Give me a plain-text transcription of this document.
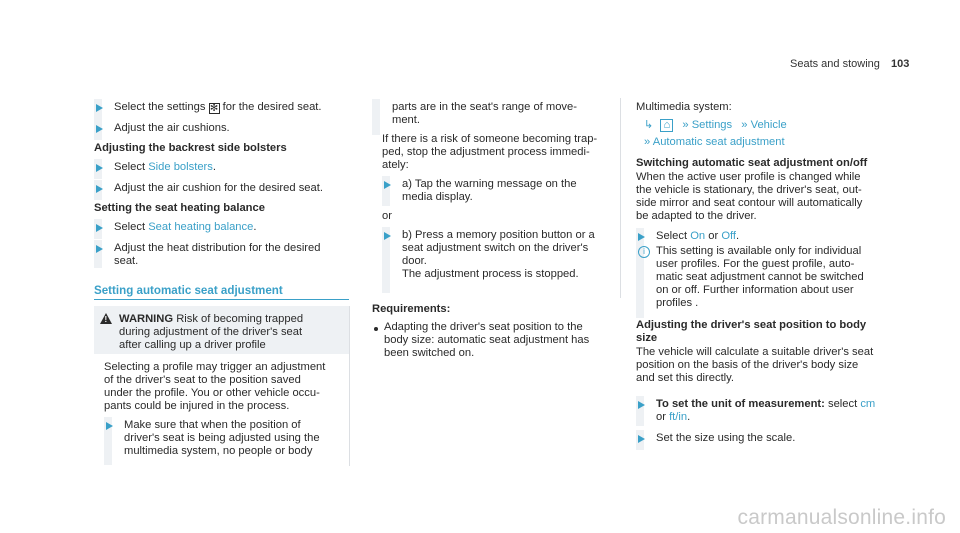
Seats and stowing 103

Select the settings ✻ for the desired seat.

Adjust the air cushions.

Adjusting the backrest side bolsters

Select Side bolsters.

Adjust the air cushion for the desired seat.

Setting the seat heating balance

Select Seat heating balance.

Adjust the heat distribution for the desired

seat.

Setting automatic seat adjustment

! WARNING Risk of becoming trapped

during adjustment of the driver's seat

after calling up a driver profile

Selecting a profile may trigger an adjustment

of the driver's seat to the position saved

under the profile. You or other vehicle occu-

pants could be injured in the process.

Make sure that when the position of

driver's seat is being adjusted using the

multimedia system, no people or body

parts are in the seat's range of move-

ment.

If there is a risk of someone becoming trap-

ped, stop the adjustment process immedi-

ately:

a) Tap the warning message on the

media display.

or

b) Press a memory position button or a

seat adjustment switch on the driver's

door.

The adjustment process is stopped.

Requirements:

Adapting the driver's seat position to the

body size: automatic seat adjustment has

been switched on.

Multimedia system:

↳ ⌂ » Settings » Vehicle

» Automatic seat adjustment

Switching automatic seat adjustment on/off

When the active user profile is changed while

the vehicle is stationary, the driver's seat, out-

side mirror and seat contour will automatically

be adapted to the driver.

Select On or Off.

i This setting is available only for individual

user profiles. For the guest profile, auto-

matic seat adjustment cannot be switched

on or off. Further information about user

profiles .

Adjusting the driver's seat position to body

size

The vehicle will calculate a suitable driver's seat

position on the basis of the driver's body size

and set this directly.

To set the unit of measurement: select cm

or ft/in.

Set the size using the scale.

carmanualsonline.info
